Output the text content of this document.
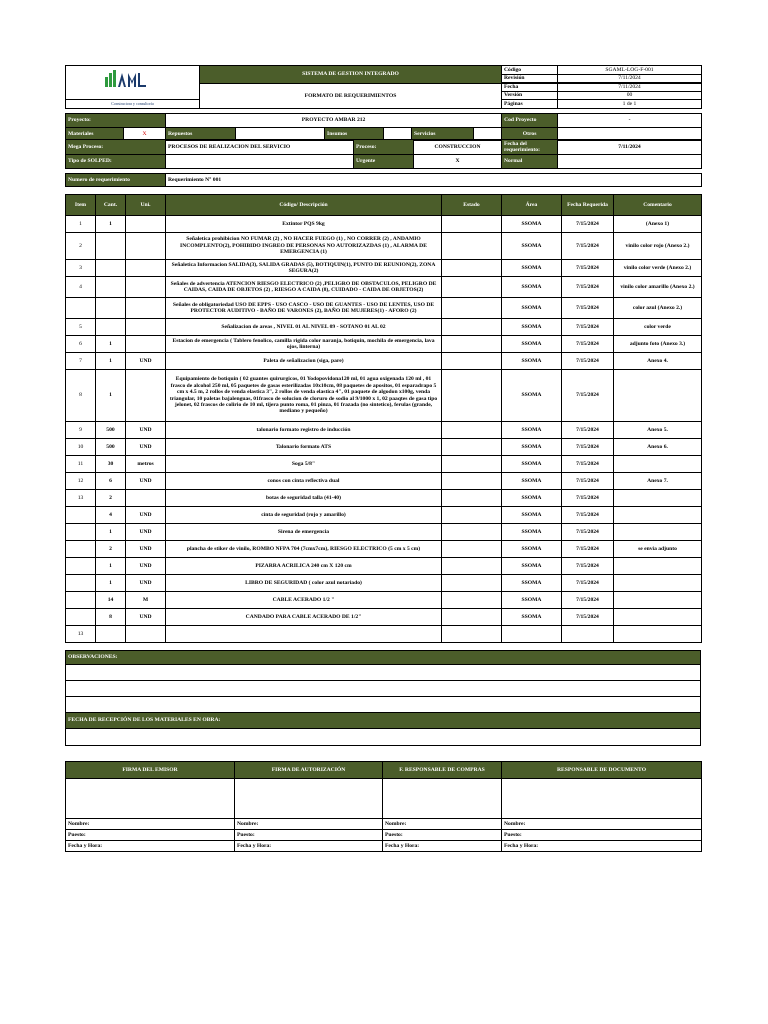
	SISTEMA DE GESTION INTEGRADO	Código	SGAML-LOG-F-001
		Revisión	7/11/2024

	FORMATO DE REQUERIMIENTOS	Fecha	7/11/2024
		Versión	00
Constructora y consultoría		Páginas	1 de 1
Proyecto:		PROYECTO AMBAR 212						Cod Proyecto	-
Materiales	X	Repuestos		Insumos		Servicios		Otros	

Mega Proceso:	PROCESOS DE REALIZACION DEL SERVICIO	Proceso:	CONSTRUCCION	Fecha del requerimiento:	7/11/2024
Tipo de SOLPED:		Urgente	X	Normal	
Numero de requerimiento	Requerimiento N° 001
Item	Cant.	Uni.	Código/ Descripción	Estado	Área	Fecha Requerida	Comentario
1	1		Extintor PQS 9kg		SSOMA	7/15/2024	(Anexo 1)
2			Señaletica prohibicion NO FUMAR (2) , NO HACER FUEGO (1) , NO CORRER (2) , ANDAMIO INCOMPLENTO(2), POHIBIDO INGREO DE PERSONAS NO AUTORIZAZDAS (1) , ALARMA DE EMERGENCIA (1)		SSOMA	7/15/2024	vinilo color rojo (Anexo 2.)
3			Señaletica Informacion SALIDA(3), SALIDA GRADAS (5), BOTIQUIN(1), PUNTO DE REUNION(2), ZONA SEGURA(2)		SSOMA	7/15/2024	vinilo color verde (Anexo 2.)
4			Señales de advertencia ATENCION RIESGO ELECTRICO (2) ,PELIGRO DE OBSTACULOS, PELIGRO DE CAIDAS, CAIDA DE OBJETOS (2) , RIESGO A CAIDA (8), CUIDADO - CAIDA DE OBJETOS(2)		SSOMA	7/15/2024	vinilo color amarillo (Anexo 2.)
			Señales de obligatoriedad USO DE EPPS - USO CASCO - USO DE GUANTES - USO DE LENTES, USO DE PROTECTOR AUDITIVO - BAÑO DE VARONES (2), BAÑO DE MUJERES(1) - AFORO (2)		SSOMA	7/15/2024	color azul (Anexo 2.)
5			Señalizacion de areas , NIVEL 01 AL NIVEL 09 - SOTANO 01 AL 02		SSOMA	7/15/2024	color verde
6	1		Estacion de emergencia ( Tablero fenolico, camilla rigida color naranja, botiquin, mochila de emergencia, lava ojos, linterna)		SSOMA	7/15/2024	adjunto foto (Anexo 3.)
7	1	UND	Paleta de señalizacion (siga, pare)		SSOMA	7/15/2024	Anexo 4.
8	1		Equipamiento de botiquin ( 02 guantes quirurgicos, 01 Yodopovidona120 ml, 01 agua oxigenada 120 ml , 01 frasco de alcohol 250 ml, 05 paquetes de gasas esterilizadas 10x10cm, 08 paquetes de apositos, 01 esparadrapo 5 cm x 4.5 m, 2 rollos de venda elastica 3", 2 rollos de venda elastica 4", 01 paquete de algodon x100g, venda triangular, 10 paletas bajalenguas, 01frasco de solucion de cloruro de sodio al 9/1000 x 1, 02 paaqtes de gasa tipo jelonet, 02 frascos de colirio de 10 ml, tijera punto roma, 01 pinza, 01 frazada (no sintetico), ferulas (grande, mediano y pequeño)		SSOMA	7/15/2024	
9	500	UND	talonario formato registro de inducción		SSOMA	7/15/2024	Anexo 5.
10	500	UND	Talonario formato ATS		SSOMA	7/15/2024	Anexo 6.
11	30	metros	Soga 5/8"		SSOMA	7/15/2024	
12	6	UND	conos con cinta reflectiva dual		SSOMA	7/15/2024	Anexo 7.
13	2		botas de seguridad talla (41-40)		SSOMA	7/15/2024	
	4	UND	cinta de seguridad (rojo y amarillo)		SSOMA	7/15/2024	
	1	UND	Sirena de emergencia		SSOMA	7/15/2024	
	2	UND	plancha de stiker de vinilo, ROMBO NFPA 704 (7cmx7cm), RIESGO ELECTRICO (5 cm x 5 cm)		SSOMA	7/15/2024	se envia adjunto
	1	UND	PIZARRA ACRILICA 240 cm X 120 cm		SSOMA	7/15/2024	
	1	UND	LIBRO DE SEGURIDAD ( color azul notariado)		SSOMA	7/15/2024	
	14	M	CABLE ACERADO 1/2 "		SSOMA	7/15/2024	
	8	UND	CANDADO PARA CABLE ACERADO DE 1/2"		SSOMA	7/15/2024	
13							
OBSERVACIONES:

FECHA DE RECEPCIÓN DE LOS MATERIALES EN OBRA:

FIRMA DEL EMISOR	FIRMA DE AUTORIZACIÓN	F. RESPONSABLE DE COMPRAS	RESPONSABLE DE DOCUMENTO

Nombre:	Nombre:	Nombre:	Nombre:
Puesto:	Puesto:	Puesto:	Puesto:
Fecha y Hora:	Fecha y Hora:	Fecha y Hora:	Fecha y Hora:
